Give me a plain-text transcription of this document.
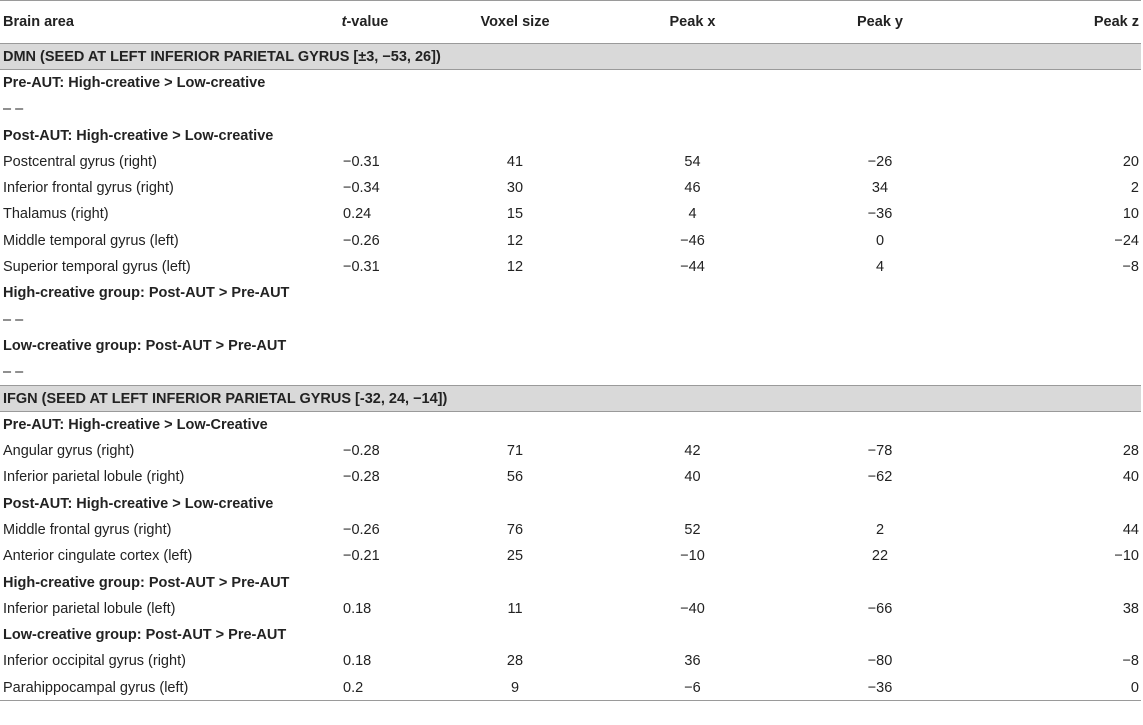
Brain area	t-value	Voxel size	Peak x	Peak y	Peak z
DMN (SEED AT LEFT INFERIOR PARIETAL GYRUS [±3, −53, 26])					
Pre-AUT: High-creative > Low-creative					
– –					
Post-AUT: High-creative > Low-creative					
Postcentral gyrus (right)	−0.31	41	54	−26	20
Inferior frontal gyrus (right)	−0.34	30	46	34	2
Thalamus (right)	0.24	15	4	−36	10
Middle temporal gyrus (left)	−0.26	12	−46	0	−24
Superior temporal gyrus (left)	−0.31	12	−44	4	−8
High-creative group: Post-AUT > Pre-AUT					
– –					
Low-creative group: Post-AUT > Pre-AUT					
– –					
IFGN (SEED AT LEFT INFERIOR PARIETAL GYRUS [-32, 24, −14])					
Pre-AUT: High-creative > Low-Creative					
Angular gyrus (right)	−0.28	71	42	−78	28
Inferior parietal lobule (right)	−0.28	56	40	−62	40
Post-AUT: High-creative > Low-creative					
Middle frontal gyrus (right)	−0.26	76	52	2	44
Anterior cingulate cortex (left)	−0.21	25	−10	22	−10
High-creative group: Post-AUT > Pre-AUT					
Inferior parietal lobule (left)	0.18	11	−40	−66	38
Low-creative group: Post-AUT > Pre-AUT					
Inferior occipital gyrus (right)	0.18	28	36	−80	−8
Parahippocampal gyrus (left)	0.2	9	−6	−36	0
